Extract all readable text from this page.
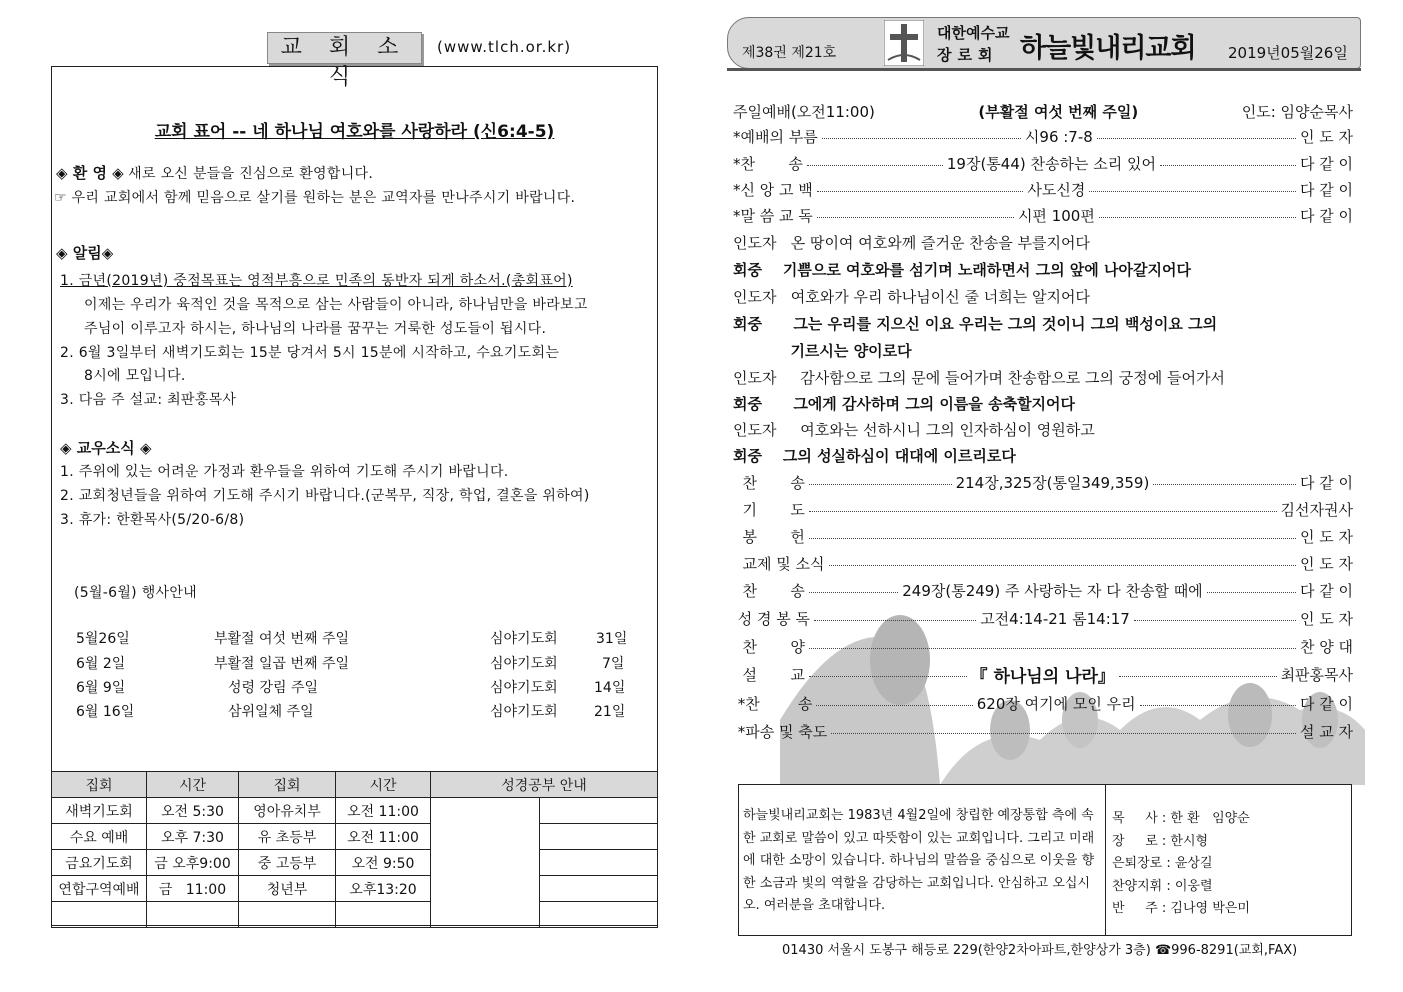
교 회 소 식
(www.tlch.or.kr)
교회 표어 -- 네 하나님 여호와를 사랑하라 (신6:4-5)
◈ 환 영 ◈ 새로 오신 분들을 진심으로 환영합니다.
☞ 우리 교회에서 함께 믿음으로 살기를 원하는 분은 교역자를 만나주시기 바랍니다.
◈ 알림◈
1. 금년(2019년) 중점목표는 영적부흥으로 민족의 동반자 되게 하소서.(총회표어)
이제는 우리가 육적인 것을 목적으로 삼는 사람들이 아니라, 하나님만을 바라보고
주님이 이루고자 하시는, 하나님의 나라를 꿈꾸는 거룩한 성도들이 됩시다.
2. 6월 3일부터 새벽기도회는 15분 당겨서 5시 15분에 시작하고, 수요기도회는
8시에 모입니다.
3. 다음 주 설교: 최판홍목사
◈ 교우소식 ◈
1. 주위에 있는 어려운 가정과 환우들을 위하여 기도해 주시기 바랍니다.
2. 교회청년들을 위하여 기도해 주시기 바랍니다.(군복무, 직장, 학업, 결혼을 위하여)
3. 휴가: 한환목사(5/20-6/8)
(5월-6월) 행사안내
5월26일	부활절 여섯 번째 주일	심야기도회	31일
6월 2일	부활절 일곱 번째 주일	심야기도회	7일
6월 9일	성령 강림 주일	심야기도회	14일
6월 16일	삼위일체 주일	심야기도회	21일
집회	시간	집회	시간	성경공부 안내	
새벽기도회	오전 5:30	영아유치부	오전 11:00		
수요 예배	오후 7:30	유 초등부	오전 11:00		
금요기도회	금 오후9:00	중 고등부	오전 9:50		
연합구역예배	금   11:00	청년부	오후13:20		

제38권 제21호
대한예수교
장로회 하늘빛내리교회 2019년05월26일
주일예배(오전11:00)	(부활절 여섯 번째 주일)	인도: 임양순목사
*예배의 부름	시96 :7-8	인 도 자
*찬       송	19장(통44) 찬송하는 소리 있어	다 같 이
*신 앙 고 백	사도신경	다 같 이
*말 씀 교 독	시편 100편	다 같 이
인도자   온 땅이여 여호와께 즐거운 찬송을 부를지어다
회중    기쁨으로 여호와를 섬기며 노래하면서 그의 앞에 나아갈지어다
인도자   여호와가 우리 하나님이신 줄 너희는 알지어다
회중      그는 우리를 지으신 이요 우리는 그의 것이니 그의 백성이요 그의
기르시는 양이로다
인도자     감사함으로 그의 문에 들어가며 찬송함으로 그의 궁정에 들어가서
회중      그에게 감사하며 그의 이름을 송축할지어다
인도자     여호와는 선하시니 그의 인자하심이 영원하고
회중    그의 성실하심이 대대에 이르리로다
찬       송	214장,325장(통일349,359)	다 같 이
기       도	김선자권사
봉       헌	인 도 자
교제 및 소식	인 도 자
찬       송	249장(통249) 주 사랑하는 자 다 찬송할 때에	다 같 이
성 경 봉 독	고전4:14-21 롬14:17	인 도 자
찬       양	찬 양 대
설       교	『 하나님의 나라』	최판홍목사
*찬        송	620장 여기에 모인 우리	다 같 이
*파송 및 축도	설 교 자
하늘빛내리교회는 1983년 4월2일에 창립한 예장통합 측에 속한 교회로 말씀이 있고 따뜻함이 있는 교회입니다. 그리고 미래에 대한 소망이 있습니다. 하나님의 말씀을 중심으로 이웃을 향한 소금과 빛의 역할을 감당하는 교회입니다. 안심하고 오십시오. 여러분을 초대합니다.
목     사 : 한 환   임양순
장     로 : 한시형
은퇴장로 : 윤상길
찬양지휘 : 이웅렬
반     주 : 김나영 박은미
01430 서울시 도봉구 해등로 229(한양2차아파트,한양상가 3층) ☎996-8291(교회,FAX)
